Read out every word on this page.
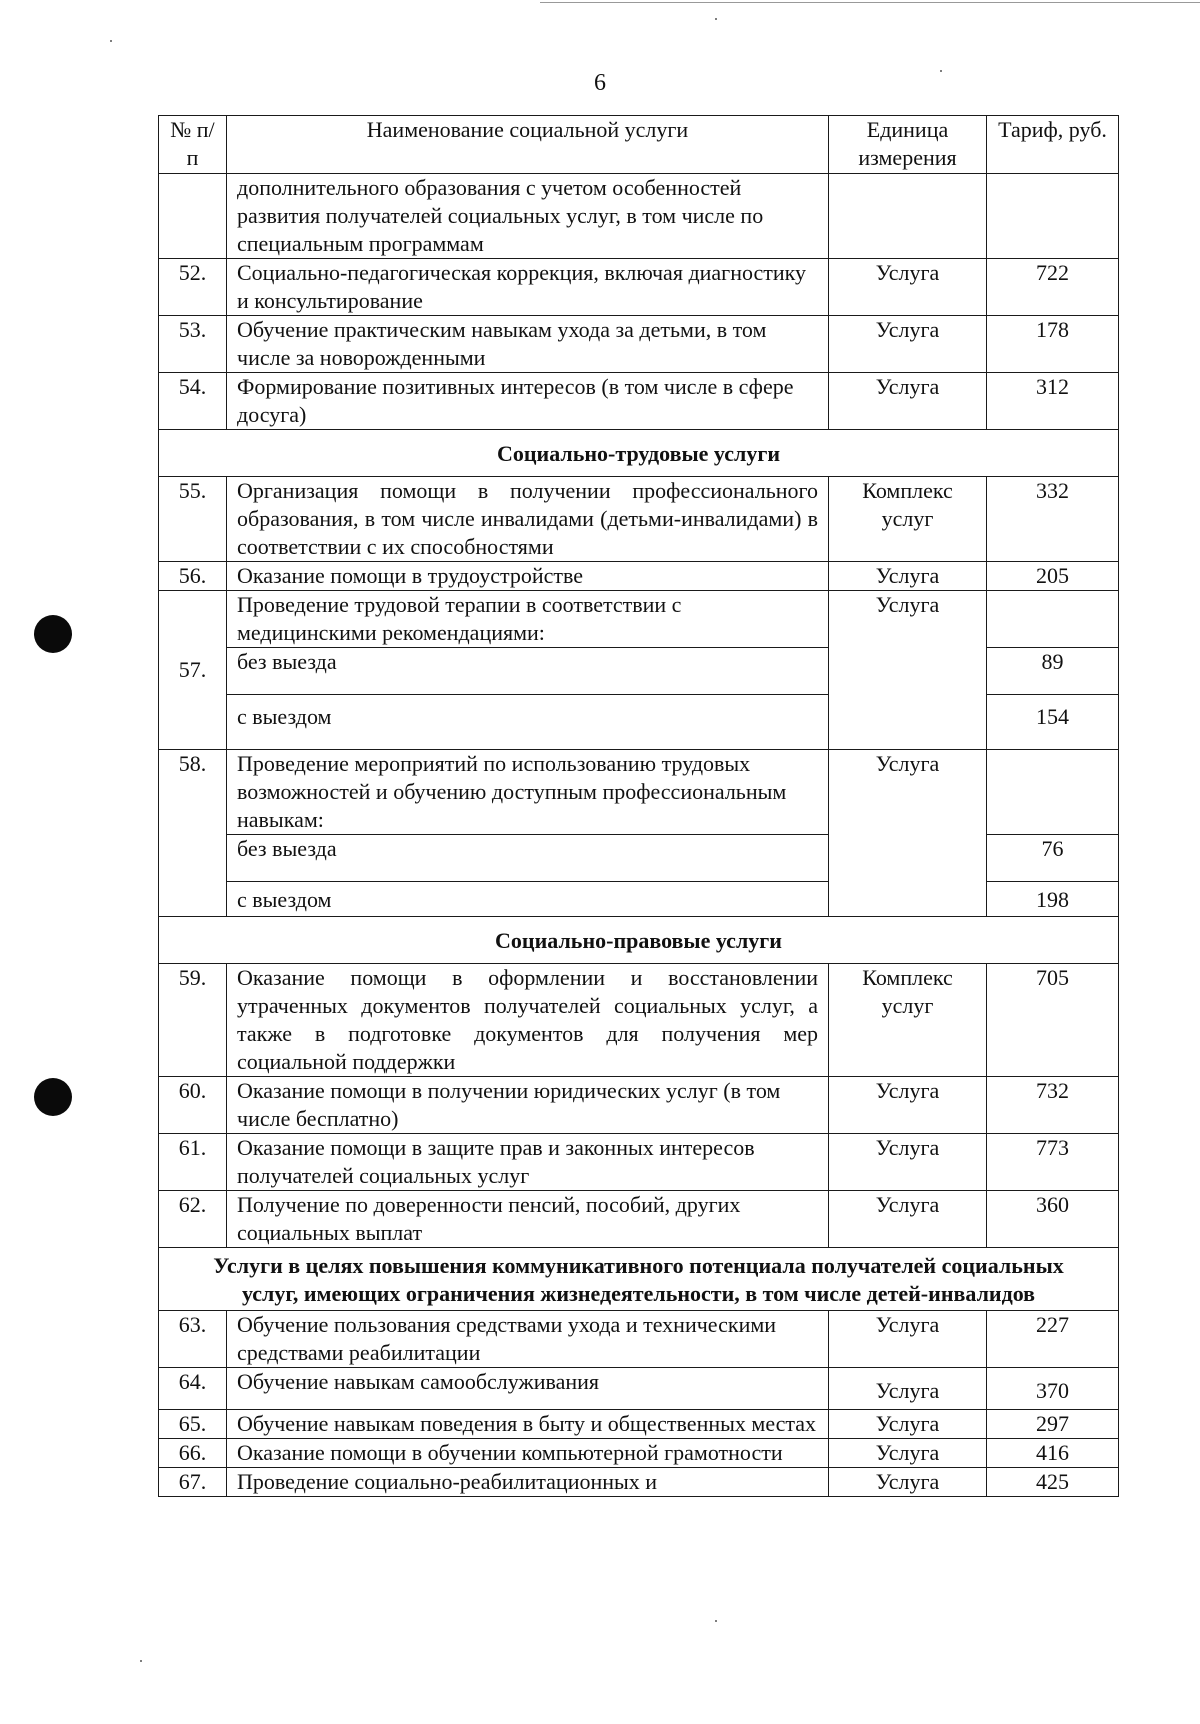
6
№ п/п	Наименование социальной услуги	Единица измерения	Тариф, руб.
	дополнительного образования с учетом особенностей развития получателей социальных услуг, в том числе по специальным программам		
52.	Социально-педагогическая коррекция, включая диагностику и консультирование	Услуга	722
53.	Обучение практическим навыкам ухода за детьми, в том числе за новорожденными	Услуга	178
54.	Формирование позитивных интересов (в том числе в сфере досуга)	Услуга	312
Социально-трудовые услуги			
55.	Организация помощи в получении профессионального образования, в том числе инвалидами (детьми-инвалидами) в соответствии с их способностями	Комплекс услуг	332
56.	Оказание помощи в трудоустройстве	Услуга	205
57.	Проведение трудовой терапии в соответствии с медицинскими рекомендациями:	Услуга	
	без выезда		89
	с выездом		154
58.	Проведение мероприятий по использованию трудовых возможностей и обучению доступным профессиональным навыкам:	Услуга	
	без выезда		76
	с выездом		198
Социально-правовые услуги			
59.	Оказание помощи в оформлении и восстановлении утраченных документов получателей социальных услуг, а также в подготовке документов для получения мер социальной поддержки	Комплекс услуг	705
60.	Оказание помощи в получении юридических услуг (в том числе бесплатно)	Услуга	732
61.	Оказание помощи в защите прав и законных интересов получателей социальных услуг	Услуга	773
62.	Получение по доверенности пенсий, пособий, других социальных выплат	Услуга	360
Услуги в целях повышения коммуникативного потенциала получателей социальных услуг, имеющих ограничения жизнедеятельности, в том числе детей-инвалидов			
63.	Обучение пользования средствами ухода и техническими средствами реабилитации	Услуга	227
64.	Обучение навыкам самообслуживания	Услуга	370
65.	Обучение навыкам поведения в быту и общественных местах	Услуга	297
66.	Оказание помощи в обучении компьютерной грамотности	Услуга	416
67.	Проведение социально-реабилитационных и	Услуга	425
